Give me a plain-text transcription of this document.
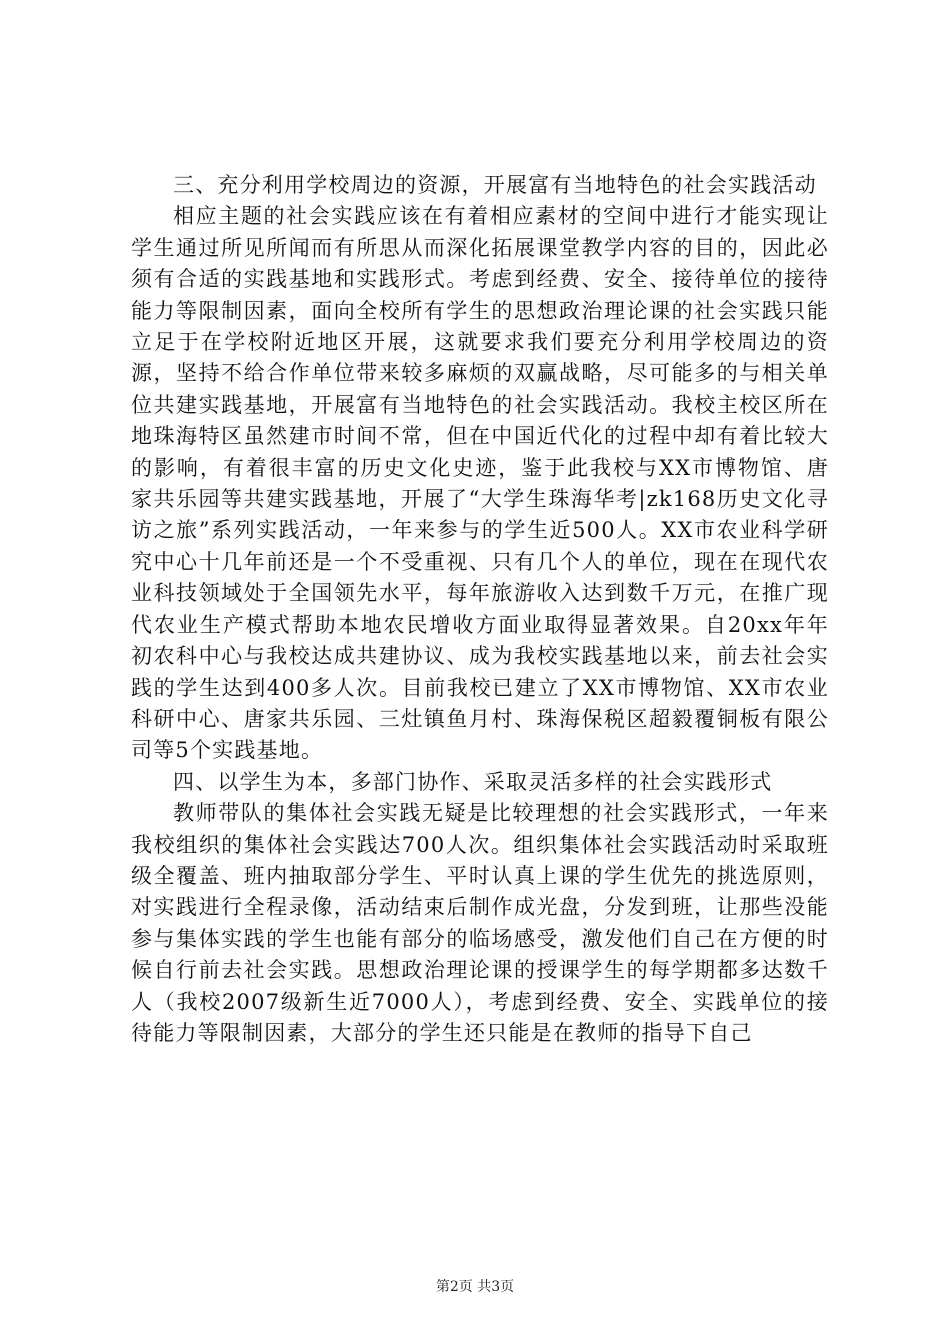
三、充分利用学校周边的资源，开展富有当地特色的社会实践活动

相应主题的社会实践应该在有着相应素材的空间中进行才能实现让学生通过所见所闻而有所思从而深化拓展课堂教学内容的目的，因此必须有合适的实践基地和实践形式。考虑到经费、安全、接待单位的接待能力等限制因素，面向全校所有学生的思想政治理论课的社会实践只能立足于在学校附近地区开展，这就要求我们要充分利用学校周边的资源，坚持不给合作单位带来较多麻烦的双赢战略，尽可能多的与相关单位共建实践基地，开展富有当地特色的社会实践活动。我校主校区所在地珠海特区虽然建市时间不常，但在中国近代化的过程中却有着比较大的影响，有着很丰富的历史文化史迹，鉴于此我校与XX市博物馆、唐家共乐园等共建实践基地，开展了“大学生珠海华考|zk168历史文化寻访之旅”系列实践活动，一年来参与的学生近500人。XX市农业科学研究中心十几年前还是一个不受重视、只有几个人的单位，现在在现代农业科技领域处于全国领先水平，每年旅游收入达到数千万元，在推广现代农业生产模式帮助本地农民增收方面业取得显著效果。自20xx年年初农科中心与我校达成共建协议、成为我校实践基地以来，前去社会实践的学生达到400多人次。目前我校已建立了XX市博物馆、XX市农业科研中心、唐家共乐园、三灶镇鱼月村、珠海保税区超毅覆铜板有限公司等5个实践基地。

四、以学生为本，多部门协作、采取灵活多样的社会实践形式

教师带队的集体社会实践无疑是比较理想的社会实践形式，一年来我校组织的集体社会实践达700人次。组织集体社会实践活动时采取班级全覆盖、班内抽取部分学生、平时认真上课的学生优先的挑选原则，对实践进行全程录像，活动结束后制作成光盘，分发到班，让那些没能参与集体实践的学生也能有部分的临场感受，激发他们自己在方便的时候自行前去社会实践。思想政治理论课的授课学生的每学期都多达数千人（我校2007级新生近7000人），考虑到经费、安全、实践单位的接待能力等限制因素，大部分的学生还只能是在教师的指导下自己

第2页 共3页
